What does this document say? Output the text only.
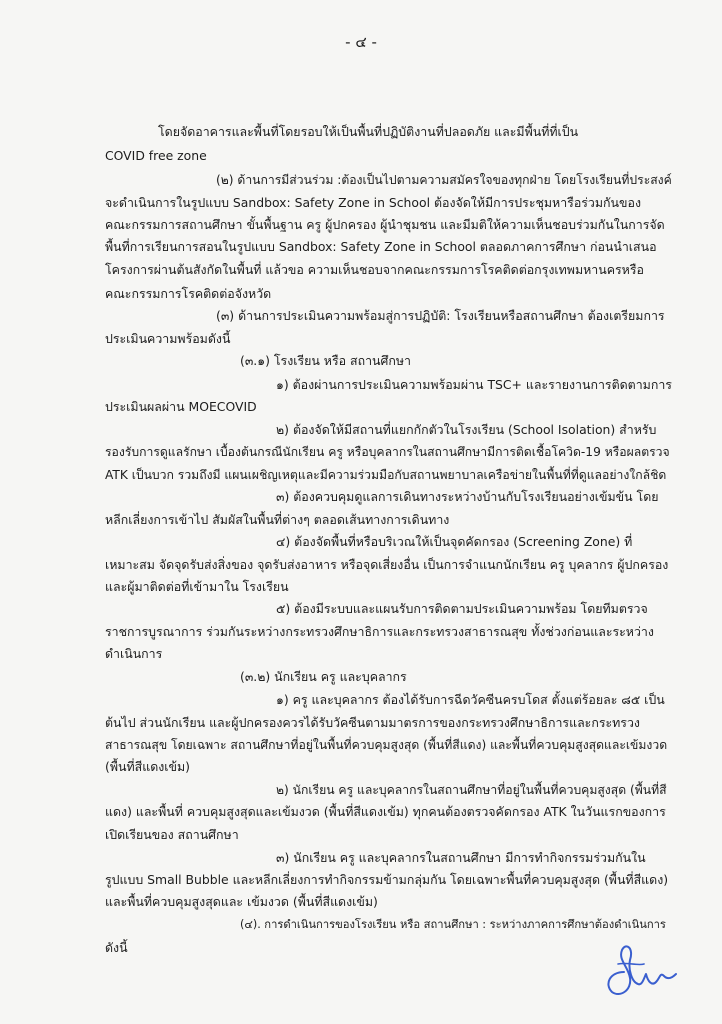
- ๔ -
โดยจัดอาคารและพื้นที่โดยรอบให้เป็นพื้นที่ปฏิบัติงานที่ปลอดภัย และมีพื้นที่ที่เป็น
COVID free zone
(๒) ด้านการมีส่วนร่วม :ต้องเป็นไปตามความสมัครใจของทุกฝ่าย โดยโรงเรียนที่ประสงค์
จะดำเนินการในรูปแบบ Sandbox: Safety Zone in School ต้องจัดให้มีการประชุมหารือร่วมกันของ
คณะกรรมการสถานศึกษา ขั้นพื้นฐาน ครู ผู้ปกครอง ผู้นำชุมชน และมีมติให้ความเห็นชอบร่วมกันในการจัด
พื้นที่การเรียนการสอนในรูปแบบ Sandbox: Safety Zone in School ตลอดภาคการศึกษา ก่อนนำเสนอ
โครงการผ่านต้นสังกัดในพื้นที่ แล้วขอ ความเห็นชอบจากคณะกรรมการโรคติดต่อกรุงเทพมหานครหรือ
คณะกรรมการโรคติดต่อจังหวัด
(๓) ด้านการประเมินความพร้อมสู่การปฏิบัติ: โรงเรียนหรือสถานศึกษา ต้องเตรียมการ
ประเมินความพร้อมดังนี้
(๓.๑) โรงเรียน หรือ สถานศึกษา
๑) ต้องผ่านการประเมินความพร้อมผ่าน TSC+ และรายงานการติดตามการ
ประเมินผลผ่าน MOECOVID
๒) ต้องจัดให้มีสถานที่แยกกักตัวในโรงเรียน (School Isolation) สำหรับ
รองรับการดูแลรักษา เบื้องต้นกรณีนักเรียน ครู หรือบุคลากรในสถานศึกษามีการติดเชื้อโควิด-19 หรือผลตรวจ
ATK เป็นบวก รวมถึงมี แผนเผชิญเหตุและมีความร่วมมือกับสถานพยาบาลเครือข่ายในพื้นที่ที่ดูแลอย่างใกล้ชิด
๓) ต้องควบคุมดูแลการเดินทางระหว่างบ้านกับโรงเรียนอย่างเข้มข้น โดย
หลีกเลี่ยงการเข้าไป สัมผัสในพื้นที่ต่างๆ ตลอดเส้นทางการเดินทาง
๔) ต้องจัดพื้นที่หรือบริเวณให้เป็นจุดคัดกรอง (Screening Zone) ที่
เหมาะสม จัดจุดรับส่งสิ่งของ จุดรับส่งอาหาร หรือจุดเสี่ยงอื่น เป็นการจำแนกนักเรียน ครู บุคลากร ผู้ปกครอง
และผู้มาติดต่อที่เข้ามาใน โรงเรียน
๕) ต้องมีระบบและแผนรับการติดตามประเมินความพร้อม โดยทีมตรวจ
ราชการบูรณาการ ร่วมกันระหว่างกระทรวงศึกษาธิการและกระทรวงสาธารณสุข ทั้งช่วงก่อนและระหว่าง
ดำเนินการ
(๓.๒) นักเรียน ครู และบุคลากร
๑) ครู และบุคลากร ต้องได้รับการฉีดวัคซีนครบโดส ตั้งแต่ร้อยละ ๘๕ เป็น
ต้นไป ส่วนนักเรียน และผู้ปกครองควรได้รับวัคซีนตามมาตรการของกระทรวงศึกษาธิการและกระทรวง
สาธารณสุข โดยเฉพาะ สถานศึกษาที่อยู่ในพื้นที่ควบคุมสูงสุด (พื้นที่สีแดง) และพื้นที่ควบคุมสูงสุดและเข้มงวด
(พื้นที่สีแดงเข้ม)
๒) นักเรียน ครู และบุคลากรในสถานศึกษาที่อยู่ในพื้นที่ควบคุมสูงสุด (พื้นที่สี
แดง) และพื้นที่ ควบคุมสูงสุดและเข้มงวด (พื้นที่สีแดงเข้ม) ทุกคนต้องตรวจคัดกรอง ATK ในวันแรกของการ
เปิดเรียนของ สถานศึกษา
๓) นักเรียน ครู และบุคลากรในสถานศึกษา มีการทำกิจกรรมร่วมกันใน
รูปแบบ Small Bubble และหลีกเลี่ยงการทำกิจกรรมข้ามกลุ่มกัน โดยเฉพาะพื้นที่ควบคุมสูงสุด (พื้นที่สีแดง)
และพื้นที่ควบคุมสูงสุดและ เข้มงวด (พื้นที่สีแดงเข้ม)
(๔). การดำเนินการของโรงเรียน หรือ สถานศึกษา : ระหว่างภาคการศึกษาต้องดำเนินการ
ดังนี้
